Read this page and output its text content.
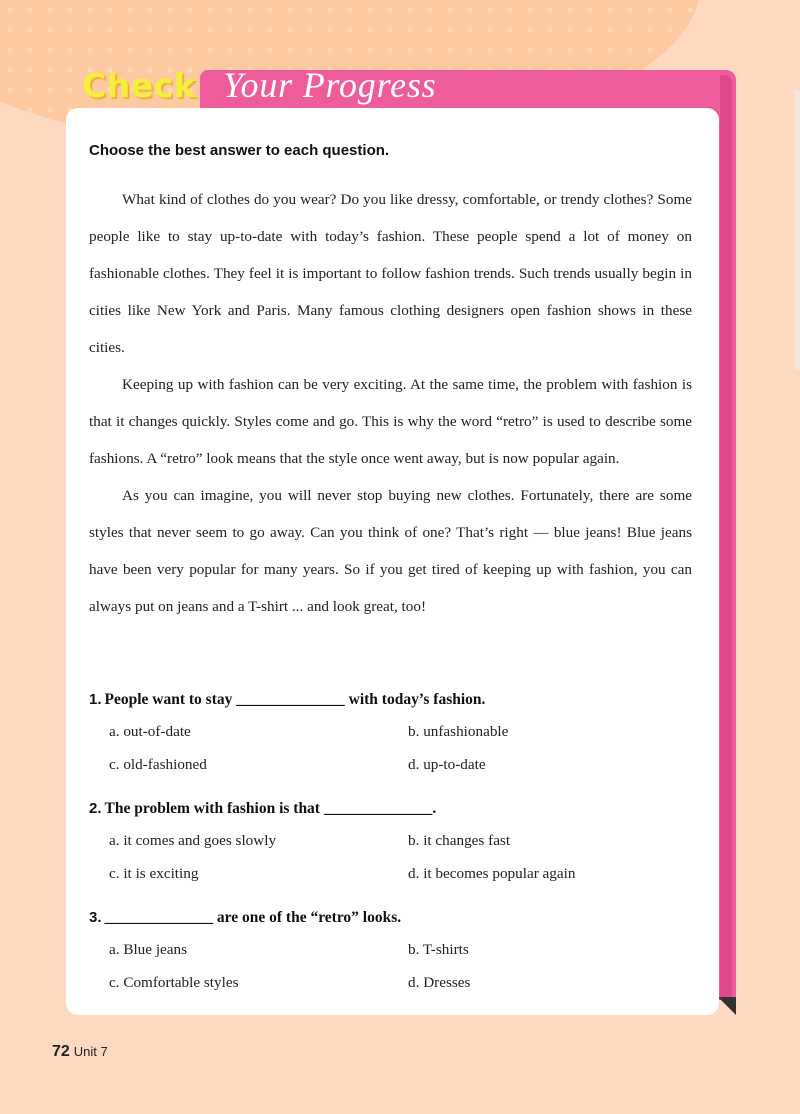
Check Your Progress
Choose the best answer to each question.

What kind of clothes do you wear? Do you like dressy, comfortable, or trendy clothes? Some people like to stay up-to-date with today’s fashion. These people spend a lot of money on fashionable clothes. They feel it is important to follow fashion trends. Such trends usually begin in cities like New York and Paris. Many famous clothing designers open fashion shows in these cities.

Keeping up with fashion can be very exciting. At the same time, the problem with fashion is that it changes quickly. Styles come and go. This is why the word “retro” is used to describe some fashions. A “retro” look means that the style once went away, but is now popular again.

As you can imagine, you will never stop buying new clothes. Fortunately, there are some styles that never seem to go away. Can you think of one? That’s right — blue jeans! Blue jeans have been very popular for many years. So if you get tired of keeping up with fashion, you can always put on jeans and a T-shirt ... and look great, too!

1. People want to stay ______________ with today’s fashion.
a. out-of-date	b. unfashionable
c. old-fashioned	d. up-to-date
2. The problem with fashion is that ______________.
a. it comes and goes slowly	b. it changes fast
c. it is exciting	d. it becomes popular again
3. ______________ are one of the “retro” looks.
a. Blue jeans	b. T-shirts
c. Comfortable styles	d. Dresses
72 Unit 7
